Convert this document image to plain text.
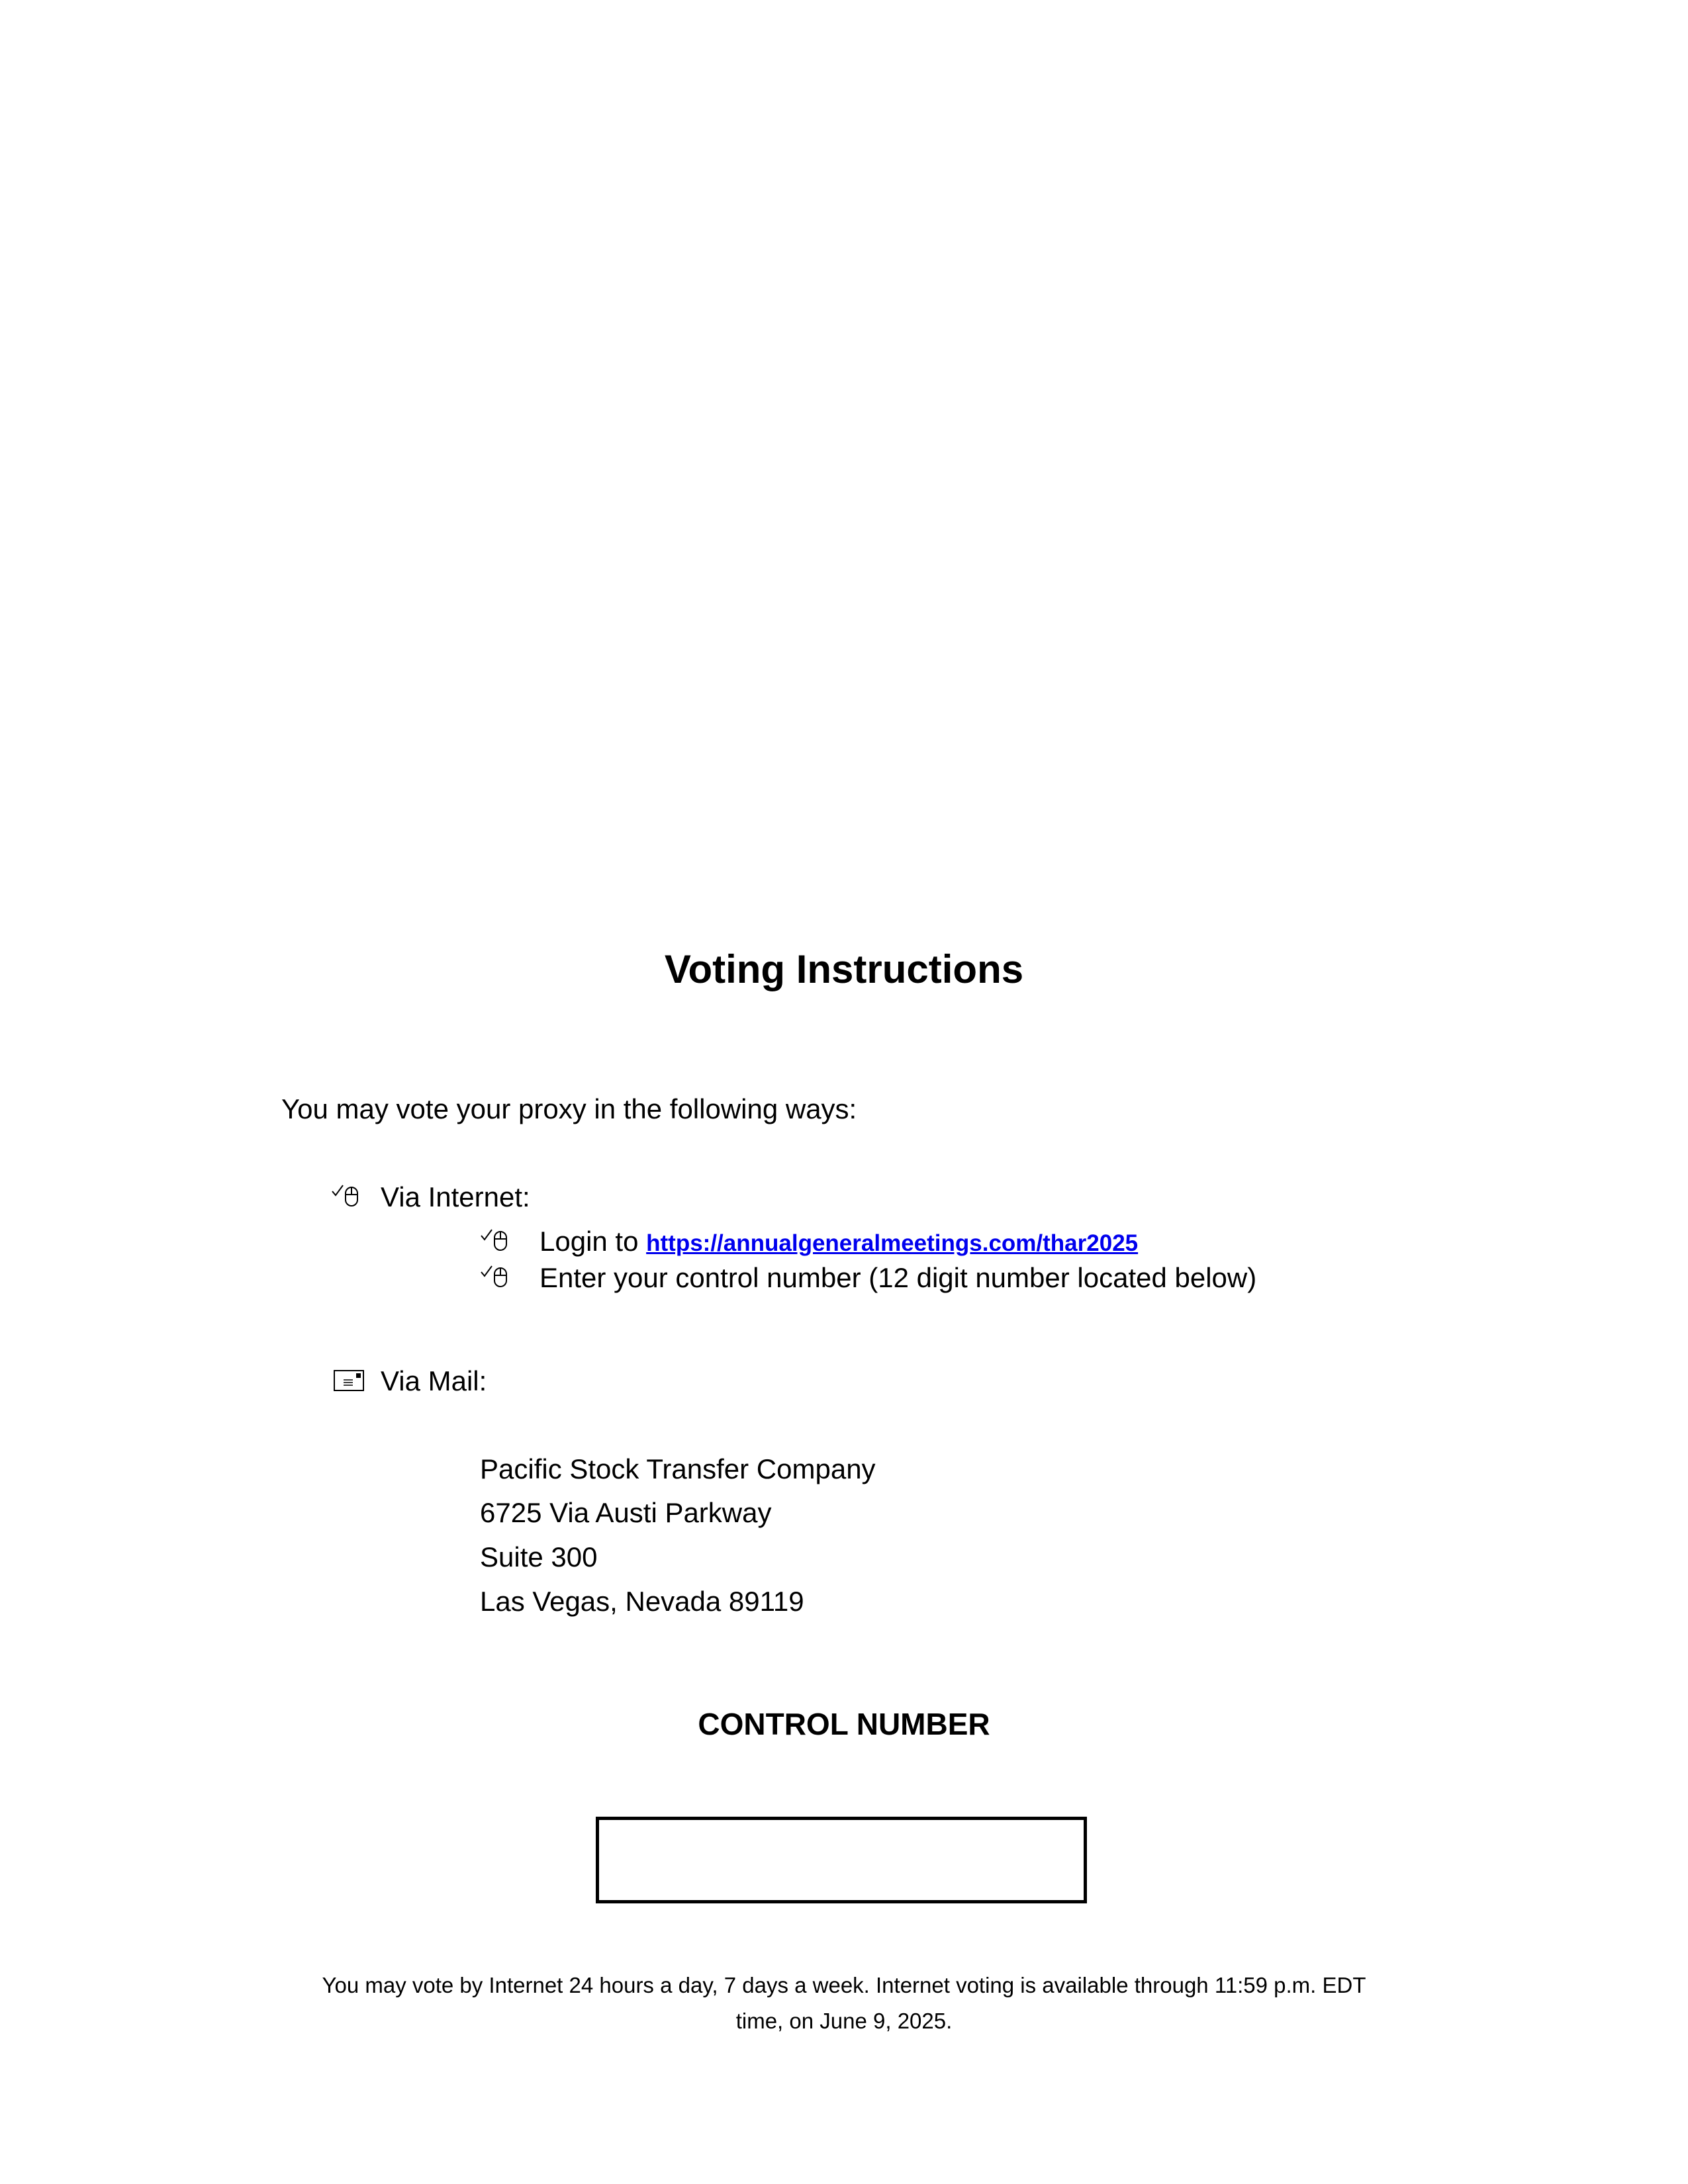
Voting Instructions
You may vote your proxy in the following ways:
Via Internet:
Login to https://annualgeneralmeetings.com/thar2025
Enter your control number (12 digit number located below)
Via Mail:
Pacific Stock Transfer Company
6725 Via Austi Parkway
Suite 300
Las Vegas, Nevada 89119
CONTROL NUMBER
You may vote by Internet 24 hours a day, 7 days a week. Internet voting is available through 11:59 p.m. EDT
time, on June 9, 2025.
